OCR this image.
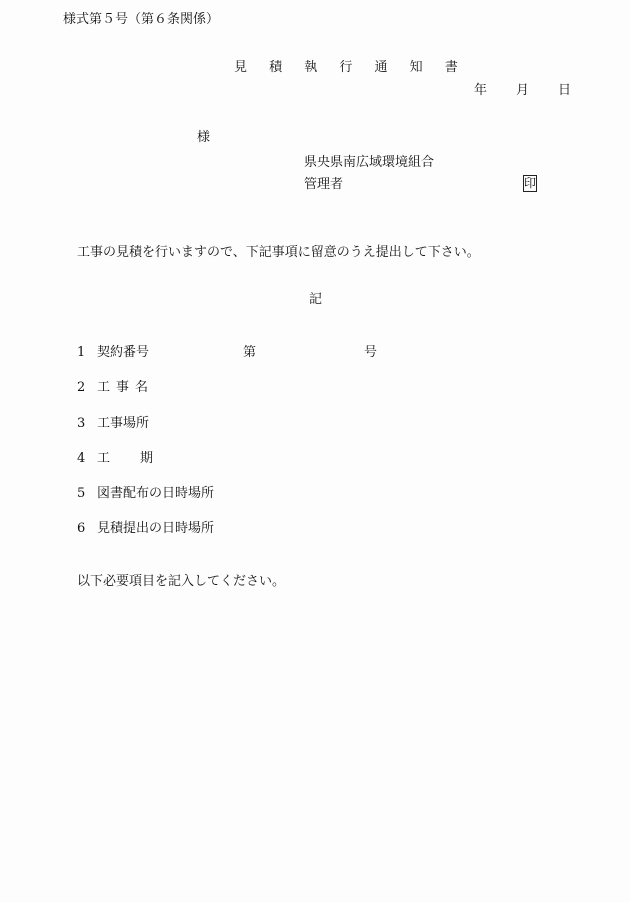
様式第５号（第６条関係）
見 積 執 行 通 知 書
年 月 日
様
県央県南広域環境組合
管理者	印
工事の見積を行いますので、下記事項に留意のうえ提出して下さい。
記
1 契約番号	第	号
2 工事名
3 工事場所
4 工期
5 図書配布の日時場所
6 見積提出の日時場所
以下必要項目を記入してください。
